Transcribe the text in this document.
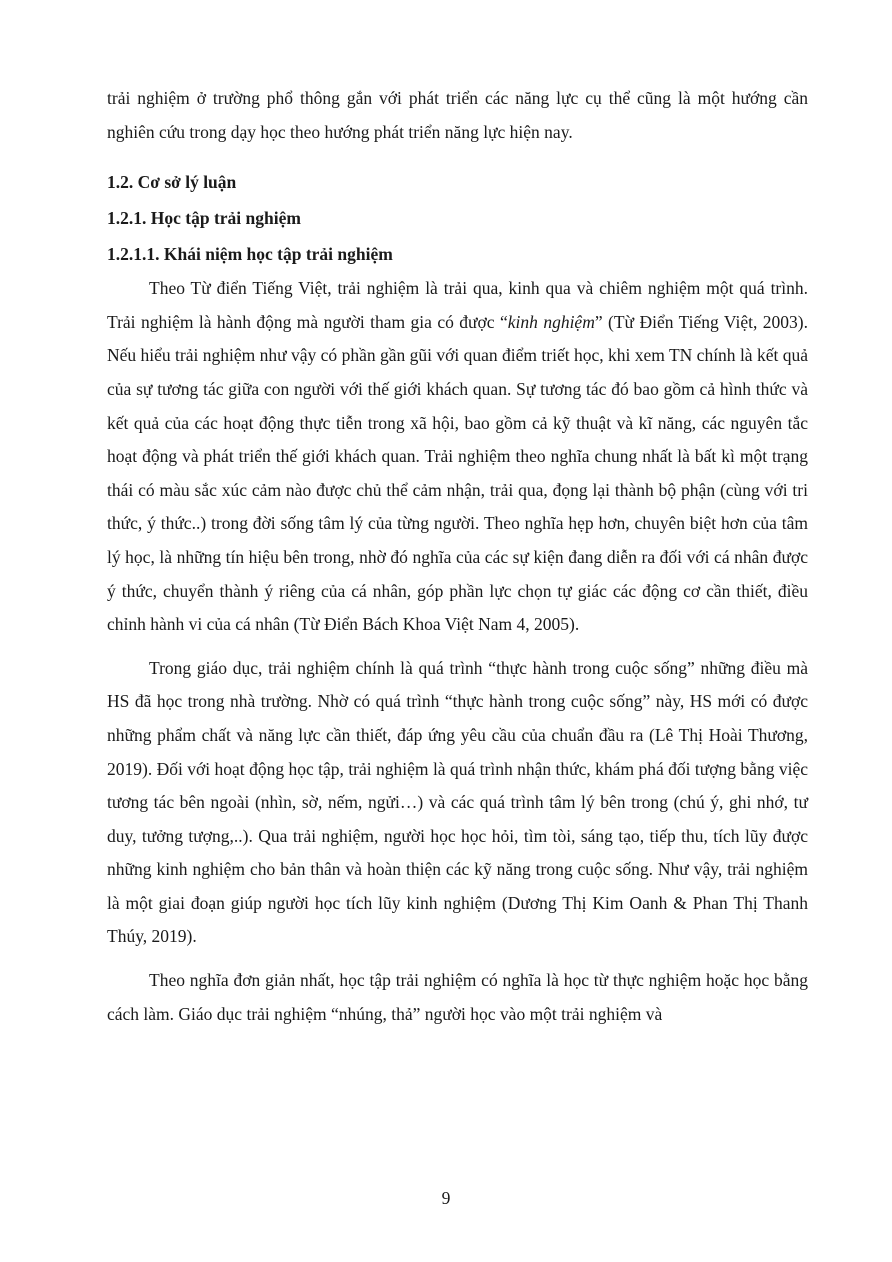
trải nghiệm ở trường phổ thông gắn với phát triển các năng lực cụ thể cũng là một hướng cần nghiên cứu trong dạy học theo hướng phát triển năng lực hiện nay.

1.2. Cơ sở lý luận
1.2.1. Học tập trải nghiệm
1.2.1.1. Khái niệm học tập trải nghiệm

Theo Từ điển Tiếng Việt, trải nghiệm là trải qua, kinh qua và chiêm nghiệm một quá trình. Trải nghiệm là hành động mà người tham gia có được “kinh nghiệm” (Từ Điển Tiếng Việt, 2003). Nếu hiểu trải nghiệm như vậy có phần gần gũi với quan điểm triết học, khi xem TN chính là kết quả của sự tương tác giữa con người với thế giới khách quan. Sự tương tác đó bao gồm cả hình thức và kết quả của các hoạt động thực tiễn trong xã hội, bao gồm cả kỹ thuật và kĩ năng, các nguyên tắc hoạt động và phát triển thế giới khách quan. Trải nghiệm theo nghĩa chung nhất là bất kì một trạng thái có màu sắc xúc cảm nào được chủ thể cảm nhận, trải qua, đọng lại thành bộ phận (cùng với tri thức, ý thức..) trong đời sống tâm lý của từng người. Theo nghĩa hẹp hơn, chuyên biệt hơn của tâm lý học, là những tín hiệu bên trong, nhờ đó nghĩa của các sự kiện đang diễn ra đối với cá nhân được ý thức, chuyển thành ý riêng của cá nhân, góp phần lực chọn tự giác các động cơ cần thiết, điều chỉnh hành vi của cá nhân (Từ Điển Bách Khoa Việt Nam 4, 2005).

Trong giáo dục, trải nghiệm chính là quá trình “thực hành trong cuộc sống” những điều mà HS đã học trong nhà trường. Nhờ có quá trình “thực hành trong cuộc sống” này, HS mới có được những phẩm chất và năng lực cần thiết, đáp ứng yêu cầu của chuẩn đầu ra (Lê Thị Hoài Thương, 2019). Đối với hoạt động học tập, trải nghiệm là quá trình nhận thức, khám phá đối tượng bằng việc tương tác bên ngoài (nhìn, sờ, nếm, ngửi…) và các quá trình tâm lý bên trong (chú ý, ghi nhớ, tư duy, tưởng tượng,..). Qua trải nghiệm, người học học hỏi, tìm tòi, sáng tạo, tiếp thu, tích lũy được những kinh nghiệm cho bản thân và hoàn thiện các kỹ năng trong cuộc sống. Như vậy, trải nghiệm là một giai đoạn giúp người học tích lũy kinh nghiệm (Dương Thị Kim Oanh & Phan Thị Thanh Thúy, 2019).

Theo nghĩa đơn giản nhất, học tập trải nghiệm có nghĩa là học từ thực nghiệm hoặc học bằng cách làm. Giáo dục trải nghiệm “nhúng, thả” người học vào một trải nghiệm và

9
